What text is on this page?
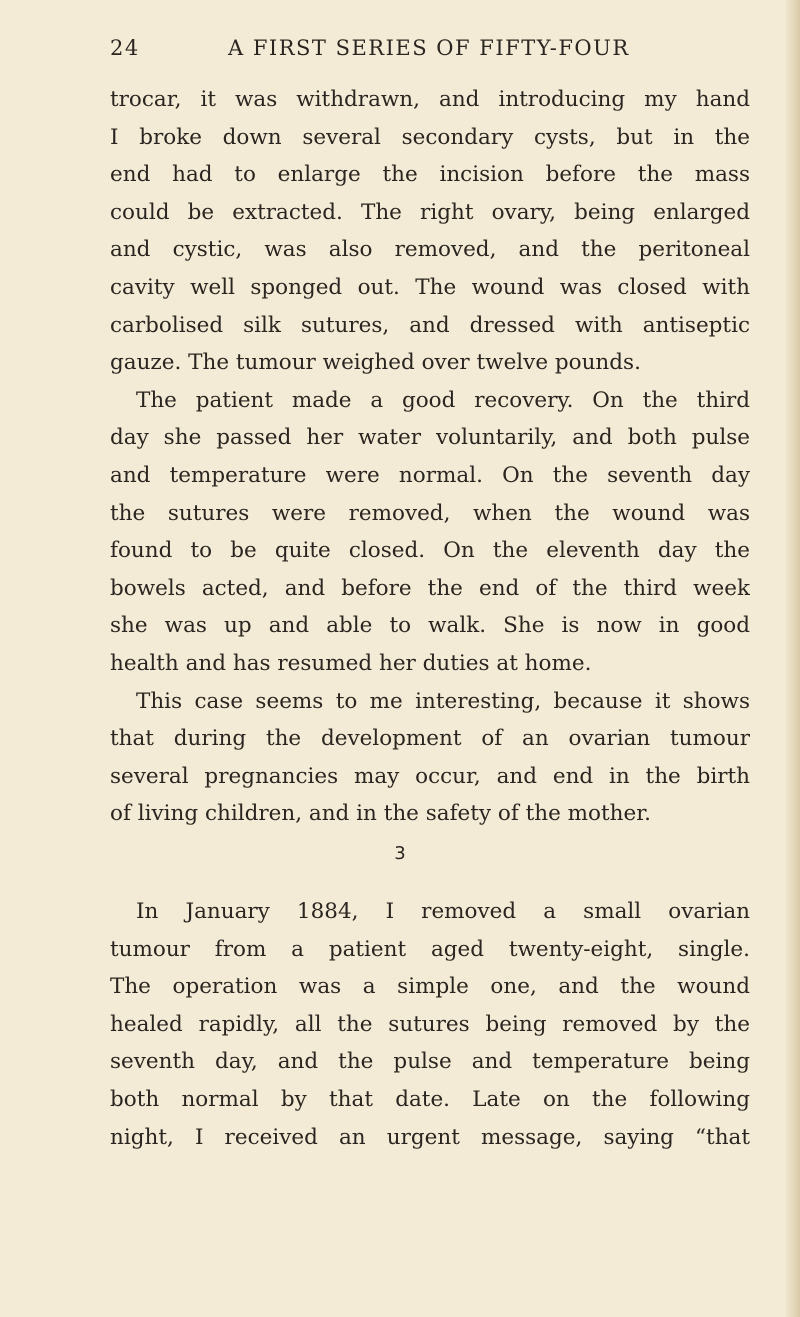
24	A FIRST SERIES OF FIFTY-FOUR
trocar, it was withdrawn, and introducing my hand
I broke down several secondary cysts, but in the
end had to enlarge the incision before the mass
could be extracted. The right ovary, being enlarged
and cystic, was also removed, and the peritoneal
cavity well sponged out. The wound was closed with
carbolised silk sutures, and dressed with antiseptic
gauze. The tumour weighed over twelve pounds.
The patient made a good recovery. On the third
day she passed her water voluntarily, and both pulse
and temperature were normal. On the seventh day
the sutures were removed, when the wound was
found to be quite closed. On the eleventh day the
bowels acted, and before the end of the third week
she was up and able to walk. She is now in good
health and has resumed her duties at home.
This case seems to me interesting, because it shows
that during the development of an ovarian tumour
several pregnancies may occur, and end in the birth
of living children, and in the safety of the mother.
3
In January 1884, I removed a small ovarian
tumour from a patient aged twenty-eight, single.
The operation was a simple one, and the wound
healed rapidly, all the sutures being removed by the
seventh day, and the pulse and temperature being
both normal by that date. Late on the following
night, I received an urgent message, saying “that
